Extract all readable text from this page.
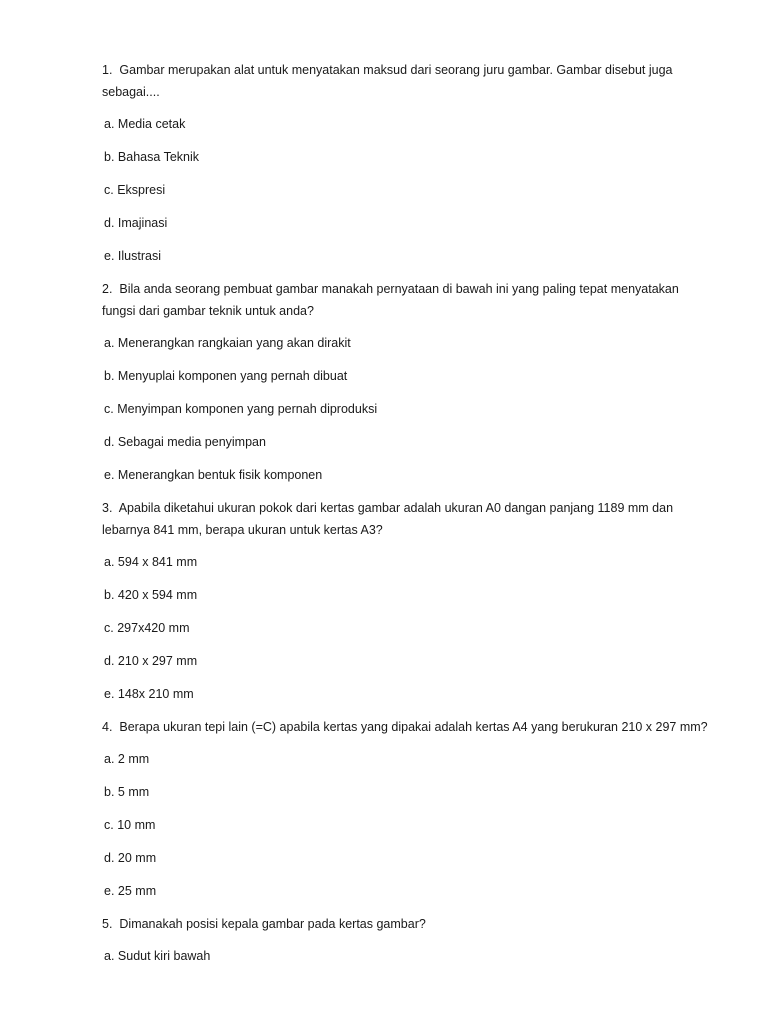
1. Gambar merupakan alat untuk menyatakan maksud dari seorang juru gambar. Gambar disebut juga sebagai....
a. Media cetak
b. Bahasa Teknik
c. Ekspresi
d. Imajinasi
e. Ilustrasi
2. Bila anda seorang pembuat gambar manakah pernyataan di bawah ini yang paling tepat menyatakan fungsi dari gambar teknik untuk anda?
a. Menerangkan rangkaian yang akan dirakit
b. Menyuplai komponen yang pernah dibuat
c. Menyimpan komponen yang pernah diproduksi
d. Sebagai media penyimpan
e. Menerangkan bentuk fisik komponen
3. Apabila diketahui ukuran pokok dari kertas gambar adalah ukuran A0 dangan panjang 1189 mm dan lebarnya 841 mm, berapa ukuran untuk kertas A3?
a. 594 x 841 mm
b. 420 x 594 mm
c. 297x420 mm
d. 210 x 297 mm
e. 148x 210 mm
4. Berapa ukuran tepi lain (=C) apabila kertas yang dipakai adalah kertas A4 yang berukuran 210 x 297 mm?
a. 2 mm
b. 5 mm
c. 10 mm
d. 20 mm
e. 25 mm
5. Dimanakah posisi kepala gambar pada kertas gambar?
a. Sudut kiri bawah
